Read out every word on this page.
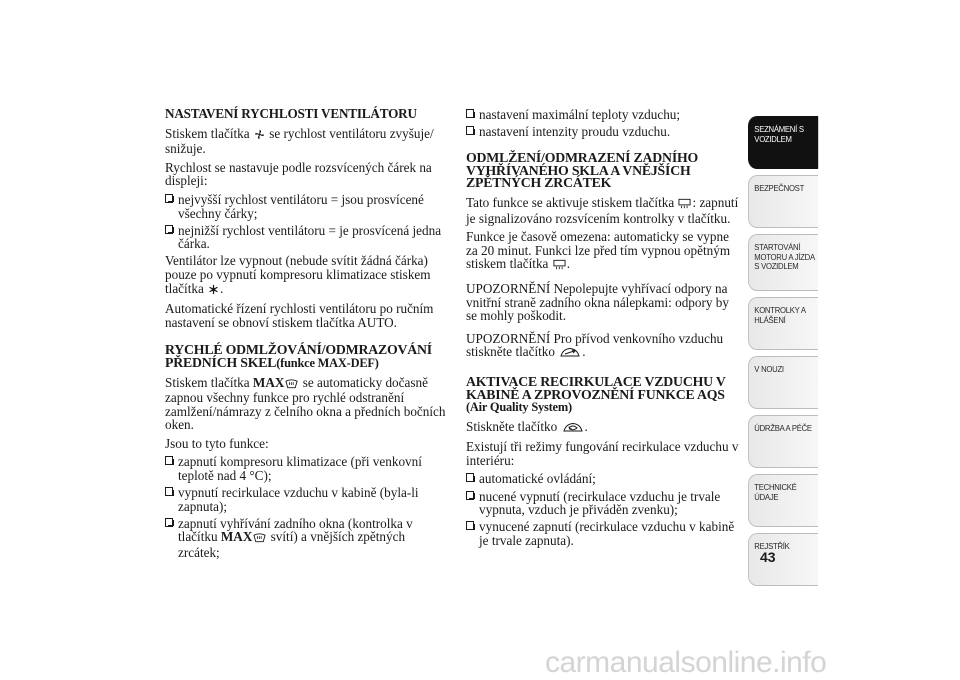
NASTAVENÍ RYCHLOSTI VENTILÁTORU

Stiskem tlačítka se rychlost ventilátoru zvyšuje/ snižuje.

Rychlost se nastavuje podle rozsvícených čárek na displeji:

nejvyšší rychlost ventilátoru = jsou prosvícené všechny čárky;
nejnižší rychlost ventilátoru = je prosvícená jedna čárka.

Ventilátor lze vypnout (nebude svítit žádná čárka) pouze po vypnutí kompresoru klimatizace stiskem tlačítka .

Automatické řízení rychlosti ventilátoru po ručním nastavení se obnoví stiskem tlačítka AUTO.

RYCHLÉ ODMLŽOVÁNÍ/ODMRAZOVÁNÍ
PŘEDNÍCH SKEL(funkce MAX-DEF)

Stiskem tlačítka MAX se automaticky dočasně zapnou všechny funkce pro rychlé odstranění zamlžení/námrazy z čelního okna a předních bočních oken.

Jsou to tyto funkce:

zapnutí kompresoru klimatizace (při venkovní teplotě nad 4 °C);
vypnutí recirkulace vzduchu v kabině (byla-li zapnuta);
zapnutí vyhřívání zadního okna (kontrolka v tlačítku MAX svítí) a vnějších zpětných zrcátek;
nastavení maximální teploty vzduchu;
nastavení intenzity proudu vzduchu.
ODMLŽENÍ/ODMRAZENÍ ZADNÍHO VYHŘÍVANÉHO SKLA A VNĚJŠÍCH ZPĚTNÝCH ZRCÁTEK

Tato funkce se aktivuje stiskem tlačítka : zapnutí je signalizováno rozsvícením kontrolky v tlačítku.

Funkce je časově omezena: automaticky se vypne za 20 minut. Funkci lze před tím vypnou opětným stiskem tlačítka .

UPOZORNĚNÍ Nepolepujte vyhřívací odpory na vnitřní straně zadního okna nálepkami: odpory by se mohly poškodit.

UPOZORNĚNÍ Pro přívod venkovního vzduchu stiskněte tlačítko .

AKTIVACE RECIRKULACE VZDUCHU V KABINĚ A ZPROVOZNĚNÍ FUNKCE AQS
(Air Quality System)

Stiskněte tlačítko .

Existují tři režimy fungování recirkulace vzduchu v interiéru:

automatické ovládání;
nucené vypnutí (recirkulace vzduchu je trvale vypnuta, vzduch je přiváděn zvenku);
vynucené zapnutí (recirkulace vzduchu v kabině je trvale zapnuta).
SEZNÁMENÍ S VOZIDLEM
BEZPEČNOST
STARTOVÁNÍ MOTORU A JÍZDA S VOZIDLEM
KONTROLKY A HLÁŠENÍ
V NOUZI
ÚDRŽBA A PÉČE
TECHNICKÉ ÚDAJE
REJSTŘÍK
43
carmanualsonline.info
